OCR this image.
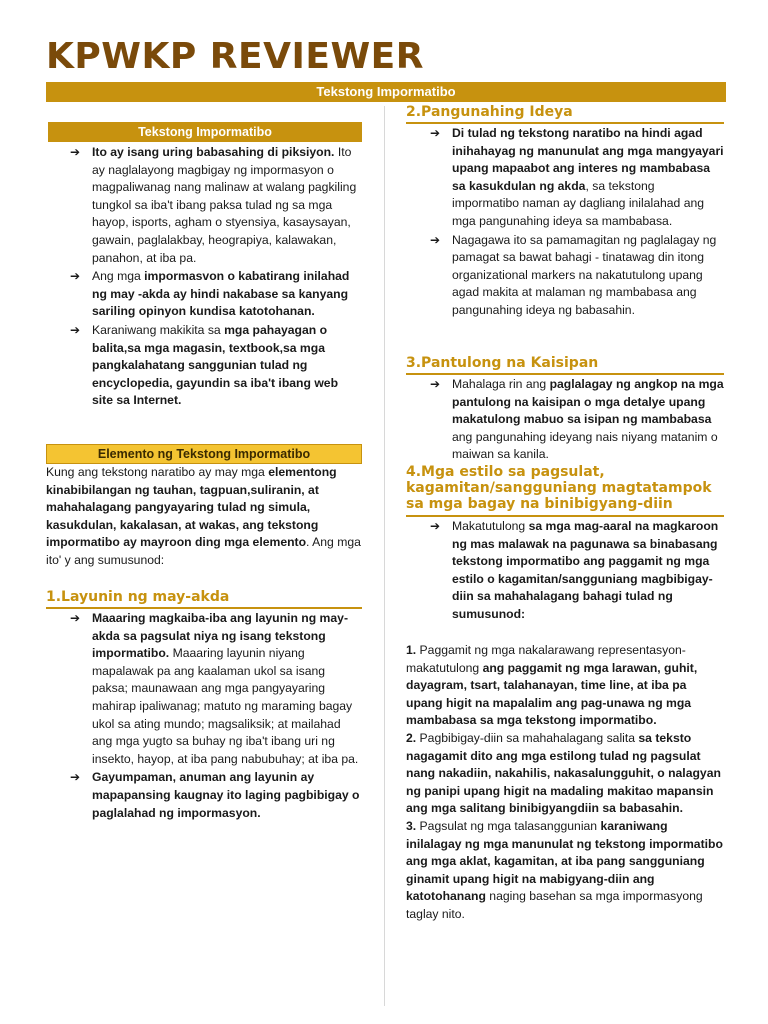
KPWKP REVIEWER
Tekstong Impormatibo
Tekstong Impormatibo
➔ Ito ay isang uring babasahing di piksiyon. Ito ay naglalayong magbigay ng impormasyon o magpaliwanag nang malinaw at walang pagkiling tungkol sa iba't ibang paksa tulad ng sa mga hayop, isports, agham o styensiya, kasaysayan, gawain, paglalakbay, heograpiya, kalawakan, panahon, at iba pa.
➔ Ang mga impormasvon o kabatirang inilahad ng may -akda ay hindi nakabase sa kanyang sariling opinyon kundisa katotohanan.
➔ Karaniwang makikita sa mga pahayagan o balita,sa mga magasin, textbook,sa mga pangkalahatang sanggunian tulad ng encyclopedia, gayundin sa iba't ibang web site sa Internet.
Elemento ng Tekstong Impormatibo

Kung ang tekstong naratibo ay may mga elementong kinabibilangan ng tauhan, tagpuan,suliranin, at mahahalagang pangyayaring tulad ng simula, kasukdulan, kakalasan, at wakas, ang tekstong impormatibo ay mayroon ding mga elemento. Ang mga ito' y ang sumusunod:

1.Layunin ng may-akda
➔ Maaaring magkaiba-iba ang layunin ng may-akda sa pagsulat niya ng isang tekstong impormatibo. Maaaring layunin niyang mapalawak pa ang kaalaman ukol sa isang paksa; maunawaan ang mga pangyayaring mahirap ipaliwanag; matuto ng maraming bagay ukol sa ating mundo; magsaliksik; at mailahad ang mga yugto sa buhay ng iba't ibang uri ng insekto, hayop, at iba pang nabubuhay; at iba pa.
➔ Gayumpaman, anuman ang layunin ay mapapansing kaugnay ito laging pagbibigay o paglalahad ng impormasyon.
2.Pangunahing Ideya
➔ Di tulad ng tekstong naratibo na hindi agad inihahayag ng manunulat ang mga mangyayari upang mapaabot ang interes ng mambabasa sa kasukdulan ng akda, sa tekstong impormatibo naman ay dagliang inilalahad ang mga pangunahing ideya sa mambabasa.
➔ Nagagawa ito sa pamamagitan ng paglalagay ng pamagat sa bawat bahagi - tinatawag din itong organizational markers na nakatutulong upang agad makita at malaman ng mambabasa ang pangunahing ideya ng babasahin.
3.Pantulong na Kaisipan
➔ Mahalaga rin ang paglalagay ng angkop na mga pantulong na kaisipan o mga detalye upang makatulong mabuo sa isipan ng mambabasa ang pangunahing ideyang nais niyang matanim o maiwan sa kanila.
4.Mga estilo sa pagsulat, kagamitan/sangguniang magtatampok sa mga bagay na binibigyang-diin
➔ Makatutulong sa mga mag-aaral na magkaroon ng mas malawak na pagunawa sa binabasang tekstong impormatibo ang paggamit ng mga estilo o kagamitan/sangguniang magbibigay-diin sa mahahalagang bahagi tulad ng sumusunod:

1. Paggamit ng mga nakalarawang representasyon-makatutulong ang paggamit ng mga larawan, guhit, dayagram, tsart, talahanayan, time line, at iba pa upang higit na mapalalim ang pag-unawa ng mga mambabasa sa mga tekstong impormatibo.

2. Pagbibigay-diin sa mahahalagang salita sa teksto nagagamit dito ang mga estilong tulad ng pagsulat nang nakadiin, nakahilis, nakasalungguhit, o nalagyan ng panipi upang higit na madaling makitao mapansin ang mga salitang binibigyangdiin sa babasahin.

3. Pagsulat ng mga talasanggunian karaniwang inilalagay ng mga manunulat ng tekstong impormatibo ang mga aklat, kagamitan, at iba pang sangguniang ginamit upang higit na mabigyang-diin ang katotohanang naging basehan sa mga impormasyong taglay nito.
